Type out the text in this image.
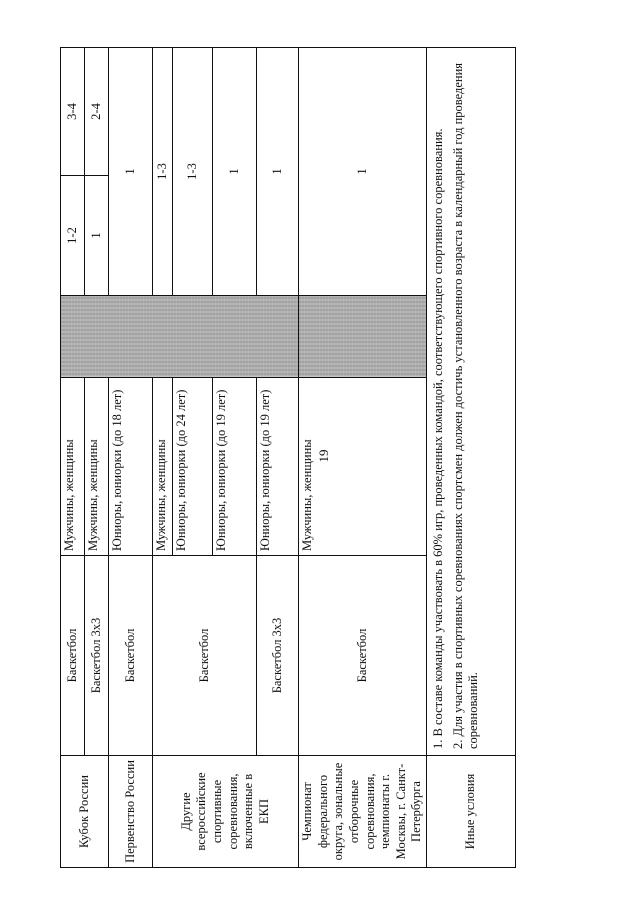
19
Кубок России	Баскетбол	Мужчины, женщины		1-2	3-4
	Баскетбол 3х3	Мужчины, женщины		1	2-4
Первенство России	Баскетбол	Юниоры, юниорки (до 18 лет)		1	
Другие всероссийские спортивные соревнования, включенные в ЕКП	Баскетбол	Мужчины, женщины		1-3	
		Юниоры, юниорки (до 24 лет)		1-3	
		Юниоры, юниорки (до 19 лет)		1	
	Баскетбол 3х3	Юниоры, юниорки (до 19 лет)		1	
Чемпионат федерального округа, зональные отборочные соревнования, чемпионаты г. Москвы, г. Санкт-Петербурга	Баскетбол	Мужчины, женщины		1	
Иные условия	1. В составе команды участвовать в 60% игр, проведенных командой, соответствующего спортивного соревнования. 2. Для участия в спортивных соревнованиях спортсмен должен достичь установленного возраста в календарный год проведения соревнований.				
